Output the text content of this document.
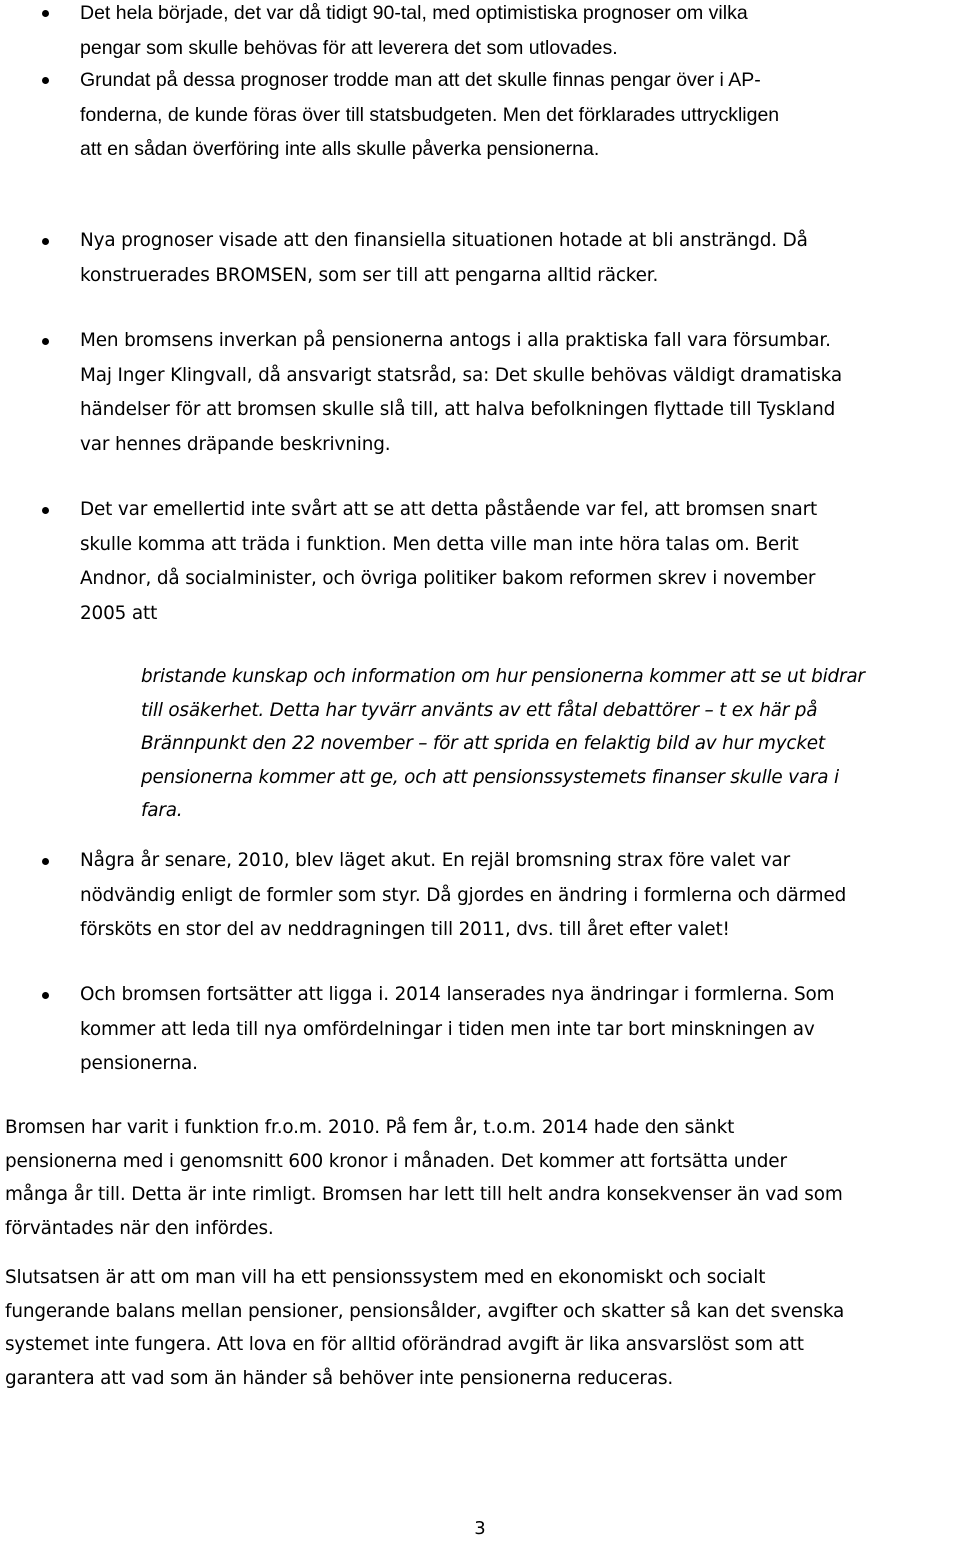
Det hela började, det var då tidigt 90-tal, med optimistiska prognoser om vilka
pengar som skulle behövas för att leverera det som utlovades.
Grundat på dessa prognoser trodde man att det skulle finnas pengar över i AP-
fonderna, de kunde föras över till statsbudgeten. Men det förklarades uttryckligen
att en sådan överföring inte alls skulle påverka pensionerna.
Nya prognoser visade att den finansiella situationen hotade at bli ansträngd. Då
konstruerades BROMSEN, som ser till att pengarna alltid räcker.
Men bromsens inverkan på pensionerna antogs i alla praktiska fall vara försumbar.
Maj Inger Klingvall, då ansvarigt statsråd, sa: Det skulle behövas väldigt dramatiska
händelser för att bromsen skulle slå till, att halva befolkningen flyttade till Tyskland
var hennes dräpande beskrivning.
Det var emellertid inte svårt att se att detta påstående var fel, att bromsen snart
skulle komma att träda i funktion. Men detta ville man inte höra talas om. Berit
Andnor, då socialminister, och övriga politiker bakom reformen skrev i november
2005 att
Några år senare, 2010, blev läget akut. En rejäl bromsning strax före valet var
nödvändig enligt de formler som styr. Då gjordes en ändring i formlerna och därmed
försköts en stor del av neddragningen till 2011, dvs. till året efter valet!
Och bromsen fortsätter att ligga i. 2014 lanserades nya ändringar i formlerna. Som
kommer att leda till nya omfördelningar i tiden men inte tar bort minskningen av
pensionerna.
bristande kunskap och information om hur pensionerna kommer att se ut bidrar
till osäkerhet. Detta har tyvärr använts av ett fåtal debattörer – t ex här på
Brännpunkt den 22 november – för att sprida en felaktig bild av hur mycket
pensionerna kommer att ge, och att pensionssystemets finanser skulle vara i
fara.
Bromsen har varit i funktion fr.o.m. 2010. På fem år, t.o.m. 2014 hade den sänkt
pensionerna med i genomsnitt 600 kronor i månaden. Det kommer att fortsätta under
många år till. Detta är inte rimligt. Bromsen har lett till helt andra konsekvenser än vad som
förväntades när den infördes.
Slutsatsen är att om man vill ha ett pensionssystem med en ekonomiskt och socialt
fungerande balans mellan pensioner, pensionsålder, avgifter och skatter så kan det svenska
systemet inte fungera. Att lova en för alltid oförändrad avgift är lika ansvarslöst som att
garantera att vad som än händer så behöver inte pensionerna reduceras.
3
